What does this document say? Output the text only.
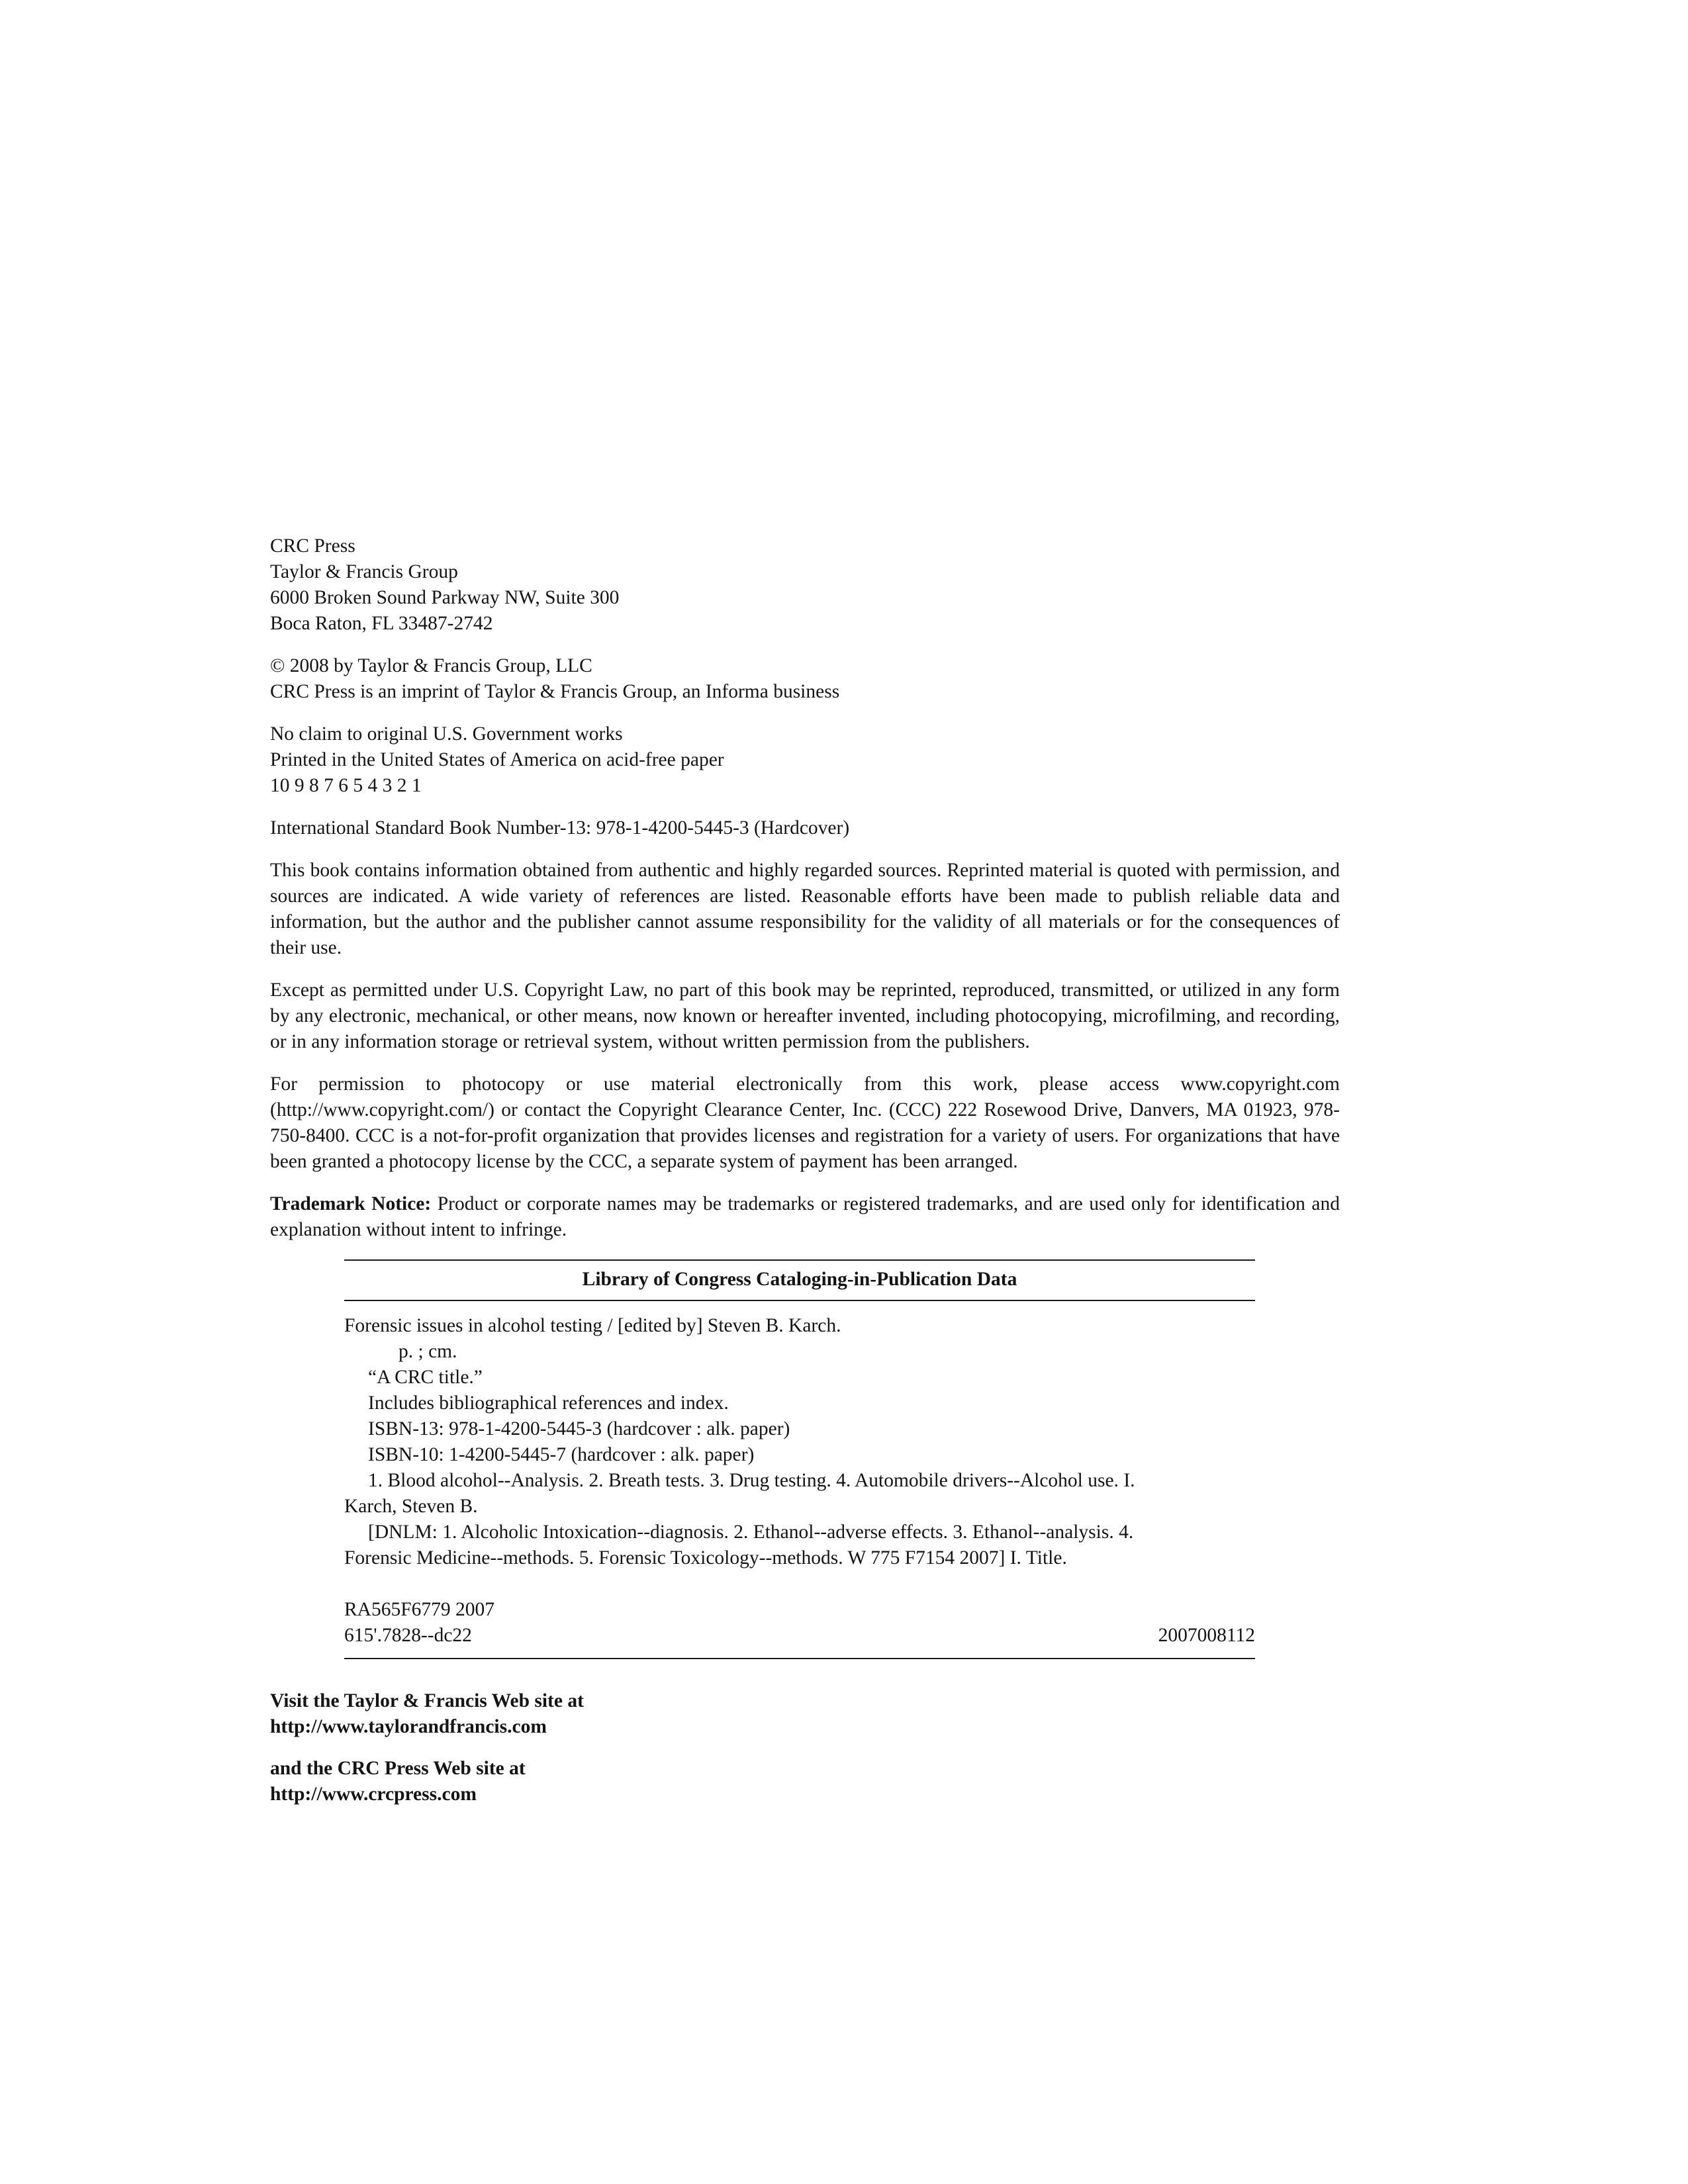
CRC Press
Taylor & Francis Group
6000 Broken Sound Parkway NW, Suite 300
Boca Raton, FL 33487-2742
© 2008 by Taylor & Francis Group, LLC
CRC Press is an imprint of Taylor & Francis Group, an Informa business
No claim to original U.S. Government works
Printed in the United States of America on acid-free paper
10 9 8 7 6 5 4 3 2 1
International Standard Book Number-13: 978-1-4200-5445-3 (Hardcover)

This book contains information obtained from authentic and highly regarded sources. Reprinted material is quoted with permission, and sources are indicated. A wide variety of references are listed. Reasonable efforts have been made to publish reliable data and information, but the author and the publisher cannot assume responsibility for the validity of all materials or for the consequences of their use.

Except as permitted under U.S. Copyright Law, no part of this book may be reprinted, reproduced, transmitted, or utilized in any form by any electronic, mechanical, or other means, now known or hereafter invented, including photocopying, microfilming, and recording, or in any information storage or retrieval system, without written permission from the publishers.

For permission to photocopy or use material electronically from this work, please access www.copyright.com (http://www.copyright.com/) or contact the Copyright Clearance Center, Inc. (CCC) 222 Rosewood Drive, Danvers, MA 01923, 978-750-8400. CCC is a not-for-profit organization that provides licenses and registration for a variety of users. For organizations that have been granted a photocopy license by the CCC, a separate system of payment has been arranged.

Trademark Notice: Product or corporate names may be trademarks or registered trademarks, and are used only for identification and explanation without intent to infringe.

Library of Congress Cataloging-in-Publication Data
Forensic issues in alcohol testing / [edited by] Steven B. Karch.
p. ; cm.
“A CRC title.”
Includes bibliographical references and index.
ISBN-13: 978-1-4200-5445-3 (hardcover : alk. paper)
ISBN-10: 1-4200-5445-7 (hardcover : alk. paper)
1. Blood alcohol--Analysis. 2. Breath tests. 3. Drug testing. 4. Automobile drivers--Alcohol use. I.
Karch, Steven B.
[DNLM: 1. Alcoholic Intoxication--diagnosis. 2. Ethanol--adverse effects. 3. Ethanol--analysis. 4.
Forensic Medicine--methods. 5. Forensic Toxicology--methods. W 775 F7154 2007] I. Title.
RA565F6779 2007
615'.7828--dc22	2007008112
Visit the Taylor & Francis Web site at
http://www.taylorandfrancis.com
and the CRC Press Web site at
http://www.crcpress.com
